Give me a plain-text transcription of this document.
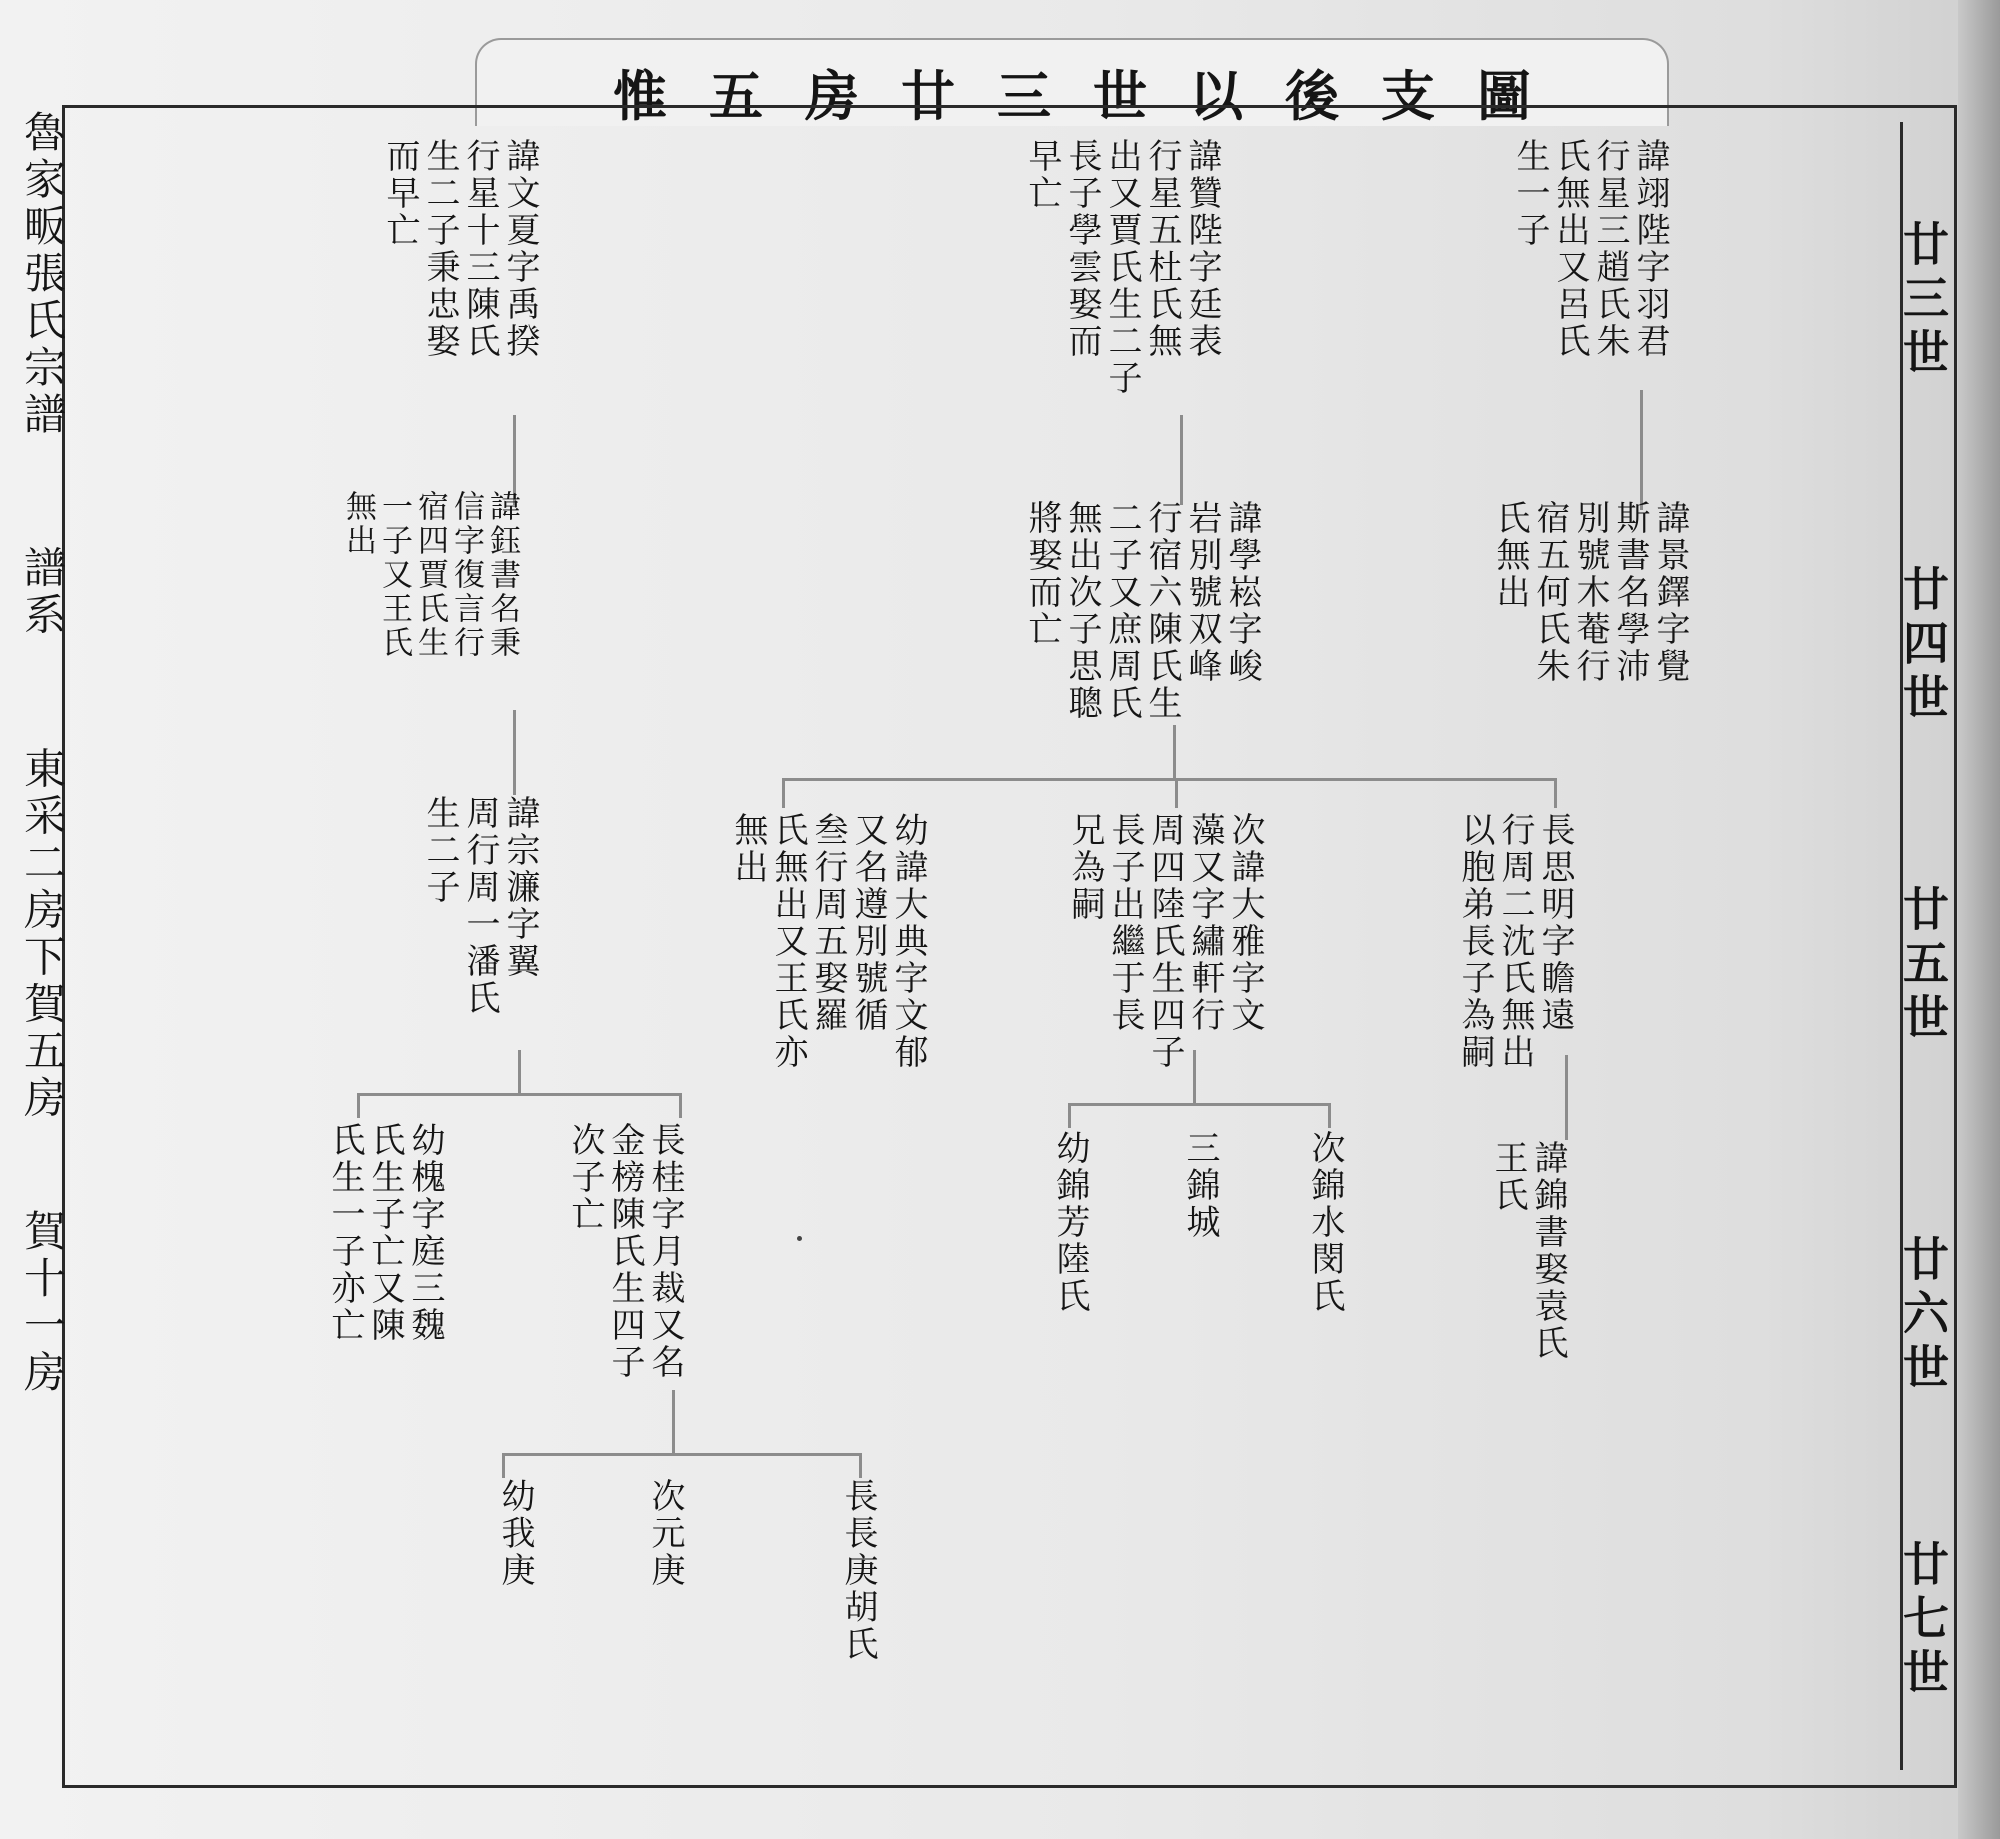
惟五房廿三世以後支圖
廿三世
廿四世
廿五世
廿六世
廿七世
魯家畈張氏宗譜  譜系  東采二房下賀五房  賀十一房
諱翊陛字羽君
行星三趙氏朱
氏無出又呂氏
生一子
諱贊陛字廷表
行星五杜氏無
出又賈氏生二子
長子學雲娶而
早亡
諱文夏字禹揆
行星十三陳氏
生二子秉忠娶
而早亡
諱景鐸字覺
斯書名學沛
別號木菴行
宿五何氏朱
氏無出
諱學崧字峻
岩別號双峰
行宿六陳氏生
二子又庶周氏
無出次子思聰
將娶而亡
諱鈺書名秉
信字復言行
宿四賈氏生
一子又王氏
無出
長思明字瞻遠
行周二沈氏無出
以胞弟長子為嗣
次諱大雅字文
藻又字繡軒行
周四陸氏生四子
長子出繼于長
兄為嗣
幼諱大典字文郁
又名遵別號循
叁行周五娶羅
氏無出又王氏亦
無出
諱宗濂字翼
周行周一潘氏
生二子
諱錦書娶袁氏
王氏
次錦水閔氏
三錦城
幼錦芳陸氏
長桂字月裁又名
金榜陳氏生四子
次子亡
幼槐字庭三魏
氏生子亡又陳
氏生一子亦亡
長長庚胡氏
次元庚
幼我庚
